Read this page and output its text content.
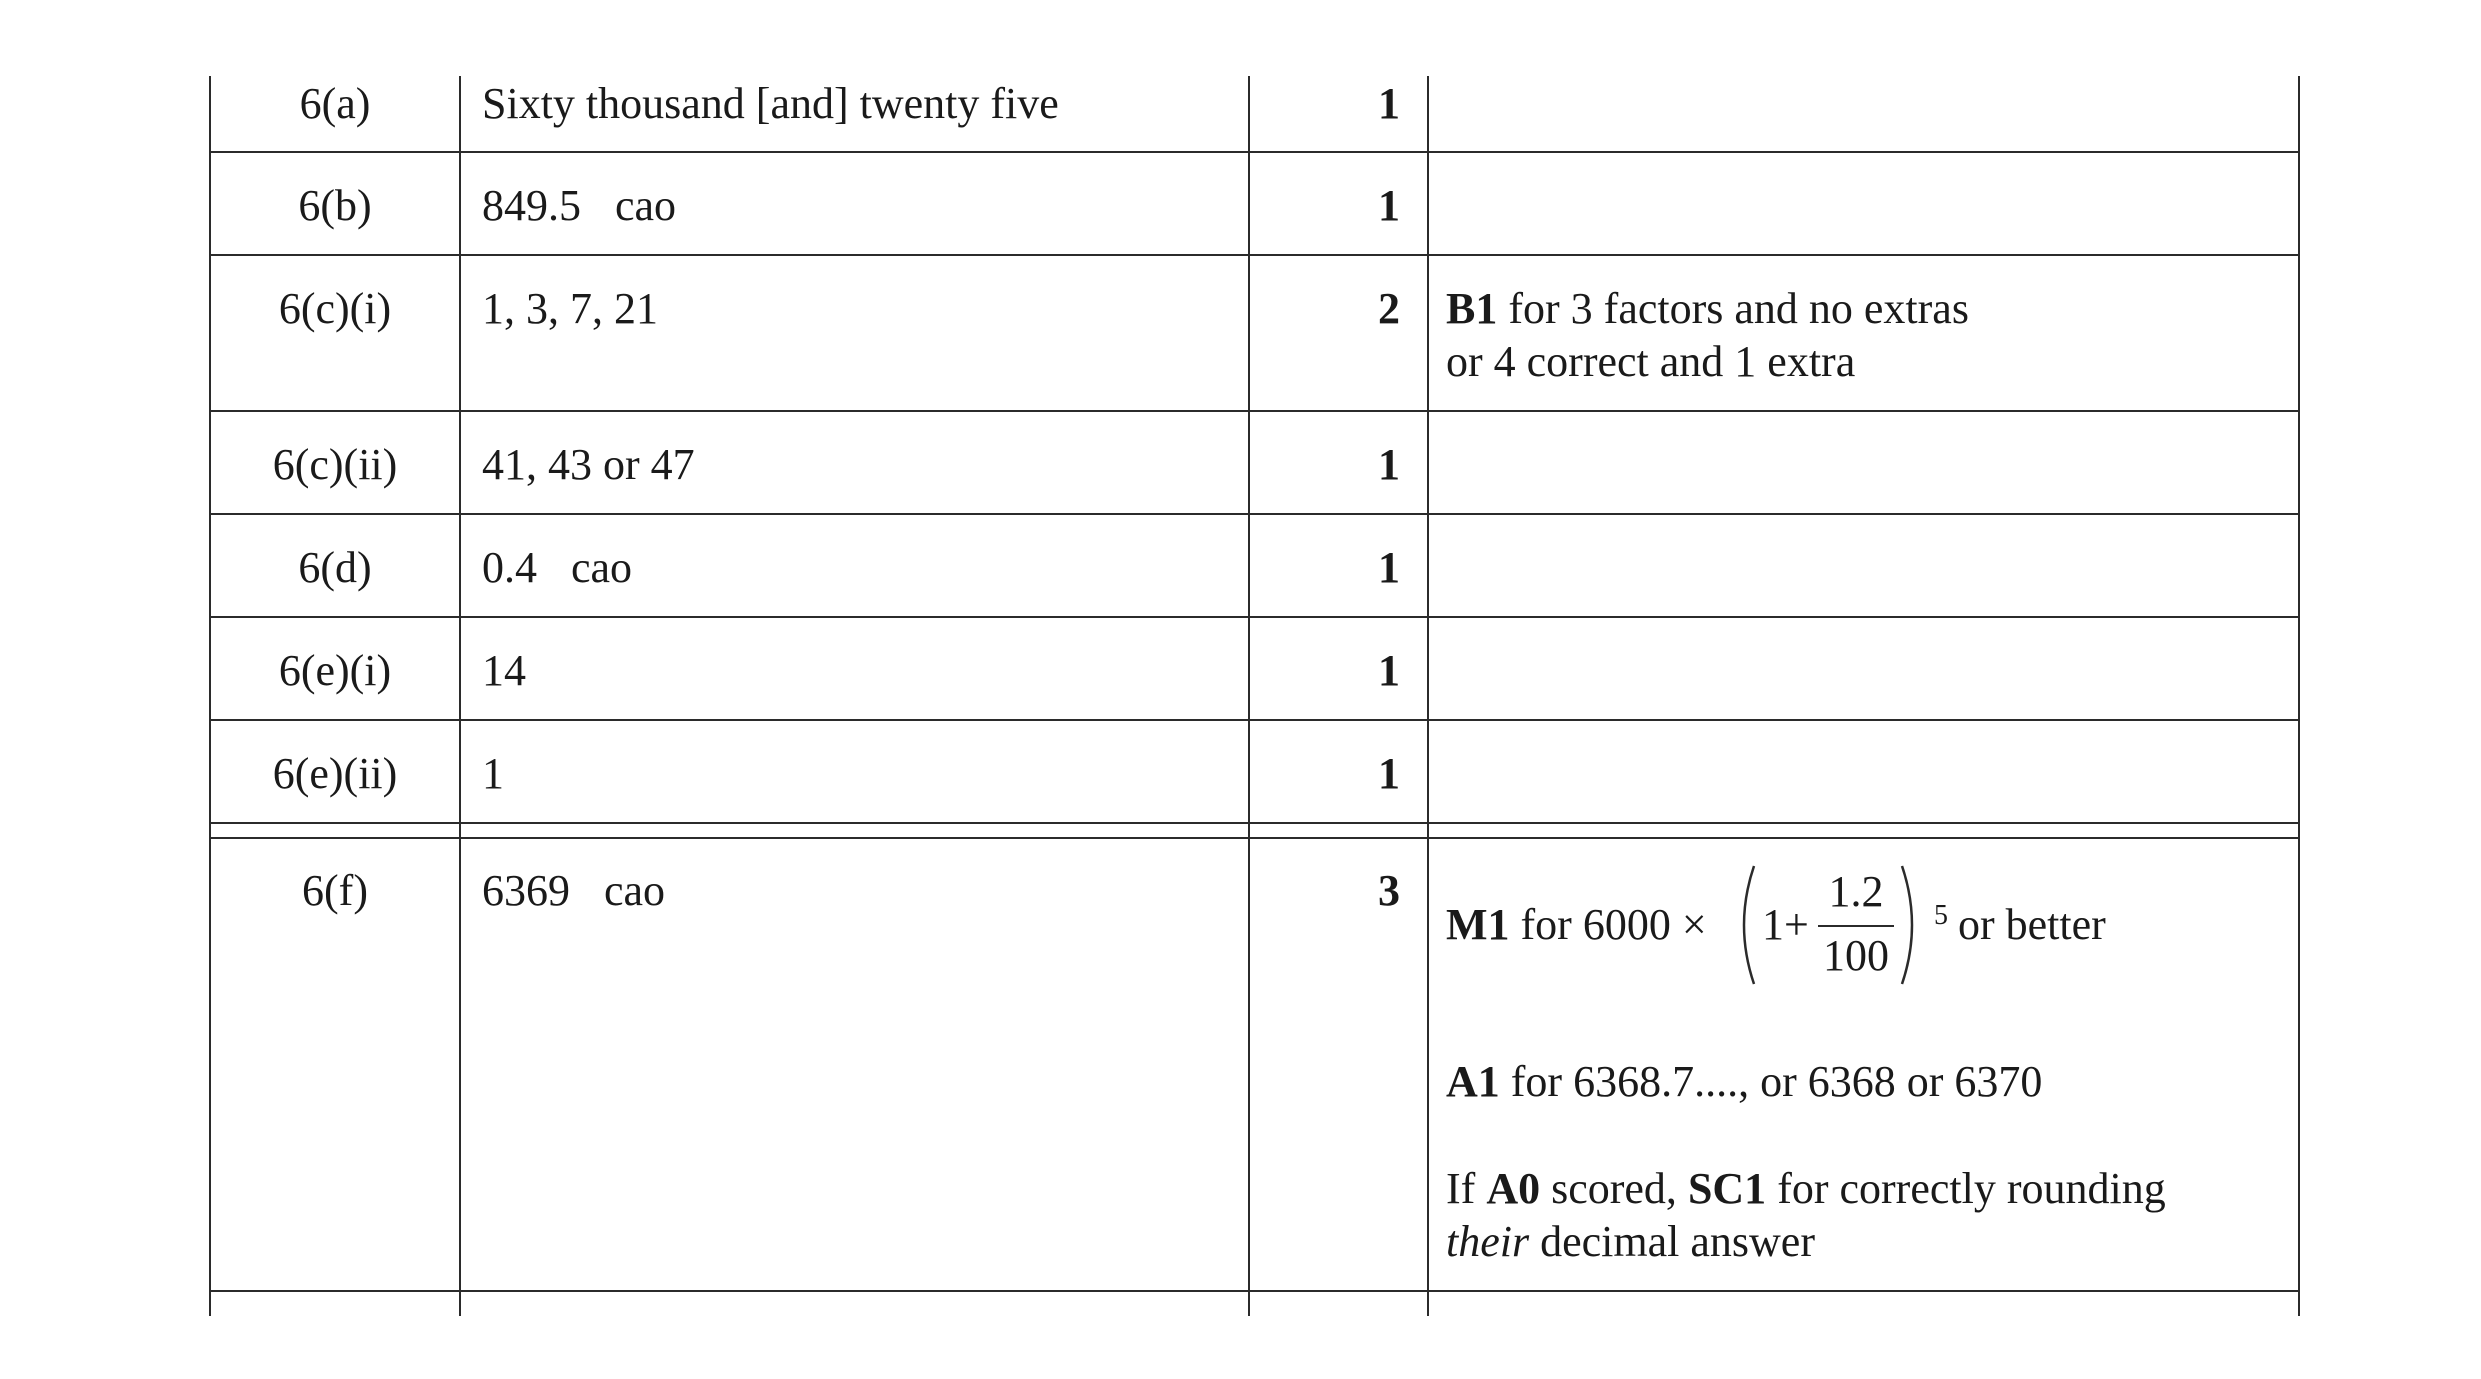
6(a)	Sixty thousand [and] twenty five	1
6(b)	849.5 cao	1
6(c)(i)	1, 3, 7, 21	2 B1 for 3 factors and no extras
or 4 correct and 1 extra
6(c)(ii)	41, 43 or 47	1
6(d)	0.4 cao	1
6(e)(i)	14	1
6(e)(ii)	1	1
6(f)	6369 cao	3
M1 for 6000 × 1+
1.2
100
5 or better
A1 for 6368.7...., or 6368 or 6370
If A0 scored, SC1 for correctly rounding
their decimal answer
